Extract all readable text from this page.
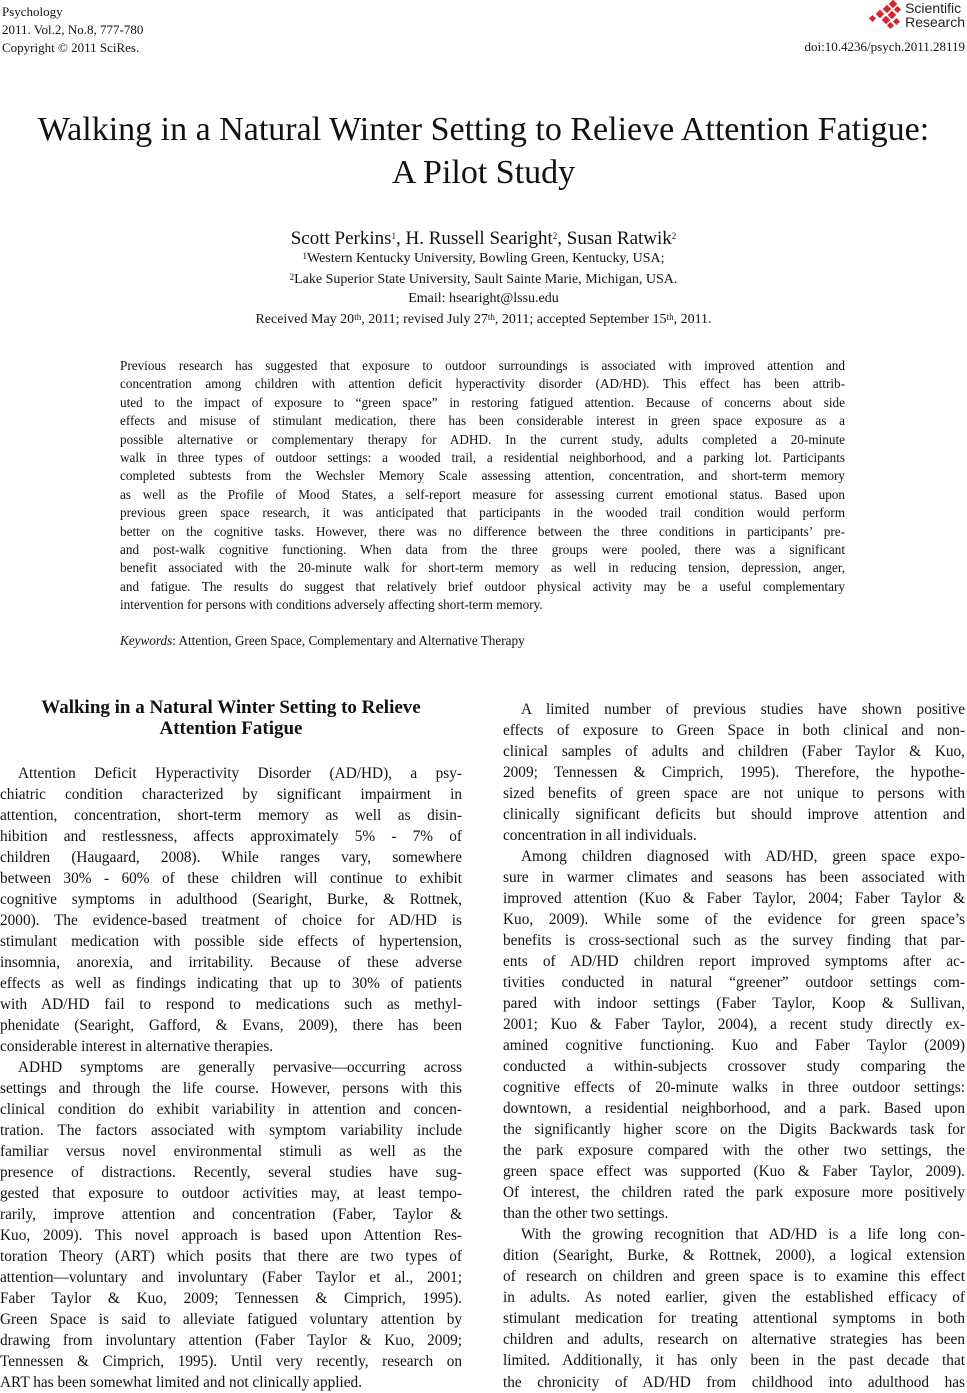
Psychology
2011. Vol.2, No.8, 777-780
Copyright © 2011 SciRes.
Scientific
Research
doi:10.4236/psych.2011.28119
Walking in a Natural Winter Setting to Relieve Attention Fatigue:
A Pilot Study
Scott Perkins$^1$, H. Russell Searight$^2$, Susan Ratwik$^2$
$^1$Western Kentucky University, Bowling Green, Kentucky, USA;
$^2$Lake Superior State University, Sault Sainte Marie, Michigan, USA.
Email: hsearight@lssu.edu
Received May 20th, 2011; revised July 27th, 2011; accepted September 15th, 2011.
Previous research has suggested that exposure to outdoor surroundings is associated with improved attention and
concentration among children with attention deficit hyperactivity disorder (AD/HD). This effect has been attrib-
uted to the impact of exposure to “green space” in restoring fatigued attention. Because of concerns about side
effects and misuse of stimulant medication, there has been considerable interest in green space exposure as a
possible alternative or complementary therapy for ADHD. In the current study, adults completed a 20-minute
walk in three types of outdoor settings: a wooded trail, a residential neighborhood, and a parking lot. Participants
completed subtests from the Wechsler Memory Scale assessing attention, concentration, and short-term memory
as well as the Profile of Mood States, a self-report measure for assessing current emotional status. Based upon
previous green space research, it was anticipated that participants in the wooded trail condition would perform
better on the cognitive tasks. However, there was no difference between the three conditions in participants’ pre-
and post-walk cognitive functioning. When data from the three groups were pooled, there was a significant
benefit associated with the 20-minute walk for short-term memory as well in reducing tension, depression, anger,
and fatigue. The results do suggest that relatively brief outdoor physical activity may be a useful complementary
intervention for persons with conditions adversely affecting short-term memory.
Keywords: Attention, Green Space, Complementary and Alternative Therapy
Walking in a Natural Winter Setting to Relieve
Attention Fatigue
Attention Deficit Hyperactivity Disorder (AD/HD), a psy-
chiatric condition characterized by significant impairment in
attention, concentration, short-term memory as well as disin-
hibition and restlessness, affects approximately 5% - 7% of
children (Haugaard, 2008). While ranges vary, somewhere
between 30% - 60% of these children will continue to exhibit
cognitive symptoms in adulthood (Searight, Burke, & Rottnek,
2000). The evidence-based treatment of choice for AD/HD is
stimulant medication with possible side effects of hypertension,
insomnia, anorexia, and irritability. Because of these adverse
effects as well as findings indicating that up to 30% of patients
with AD/HD fail to respond to medications such as methyl-
phenidate (Searight, Gafford, & Evans, 2009), there has been
considerable interest in alternative therapies.
ADHD symptoms are generally pervasive―occurring across
settings and through the life course. However, persons with this
clinical condition do exhibit variability in attention and concen-
tration. The factors associated with symptom variability include
familiar versus novel environmental stimuli as well as the
presence of distractions. Recently, several studies have sug-
gested that exposure to outdoor activities may, at least tempo-
rarily, improve attention and concentration (Faber, Taylor &
Kuo, 2009). This novel approach is based upon Attention Res-
toration Theory (ART) which posits that there are two types of
attention―voluntary and involuntary (Faber Taylor et al., 2001;
Faber Taylor & Kuo, 2009; Tennessen & Cimprich, 1995).
Green Space is said to alleviate fatigued voluntary attention by
drawing from involuntary attention (Faber Taylor & Kuo, 2009;
Tennessen & Cimprich, 1995). Until very recently, research on
ART has been somewhat limited and not clinically applied.
A limited number of previous studies have shown positive
effects of exposure to Green Space in both clinical and non-
clinical samples of adults and children (Faber Taylor & Kuo,
2009; Tennessen & Cimprich, 1995). Therefore, the hypothe-
sized benefits of green space are not unique to persons with
clinically significant deficits but should improve attention and
concentration in all individuals.
Among children diagnosed with AD/HD, green space expo-
sure in warmer climates and seasons has been associated with
improved attention (Kuo & Faber Taylor, 2004; Faber Taylor &
Kuo, 2009). While some of the evidence for green space’s
benefits is cross-sectional such as the survey finding that par-
ents of AD/HD children report improved symptoms after ac-
tivities conducted in natural “greener” outdoor settings com-
pared with indoor settings (Faber Taylor, Koop & Sullivan,
2001; Kuo & Faber Taylor, 2004), a recent study directly ex-
amined cognitive functioning. Kuo and Faber Taylor (2009)
conducted a within-subjects crossover study comparing the
cognitive effects of 20-minute walks in three outdoor settings:
downtown, a residential neighborhood, and a park. Based upon
the significantly higher score on the Digits Backwards task for
the park exposure compared with the other two settings, the
green space effect was supported (Kuo & Faber Taylor, 2009).
Of interest, the children rated the park exposure more positively
than the other two settings.
With the growing recognition that AD/HD is a life long con-
dition (Searight, Burke, & Rottnek, 2000), a logical extension
of research on children and green space is to examine this effect
in adults. As noted earlier, given the established efficacy of
stimulant medication for treating attentional symptoms in both
children and adults, research on alternative strategies has been
limited. Additionally, it has only been in the past decade that
the chronicity of AD/HD from childhood into adulthood has
